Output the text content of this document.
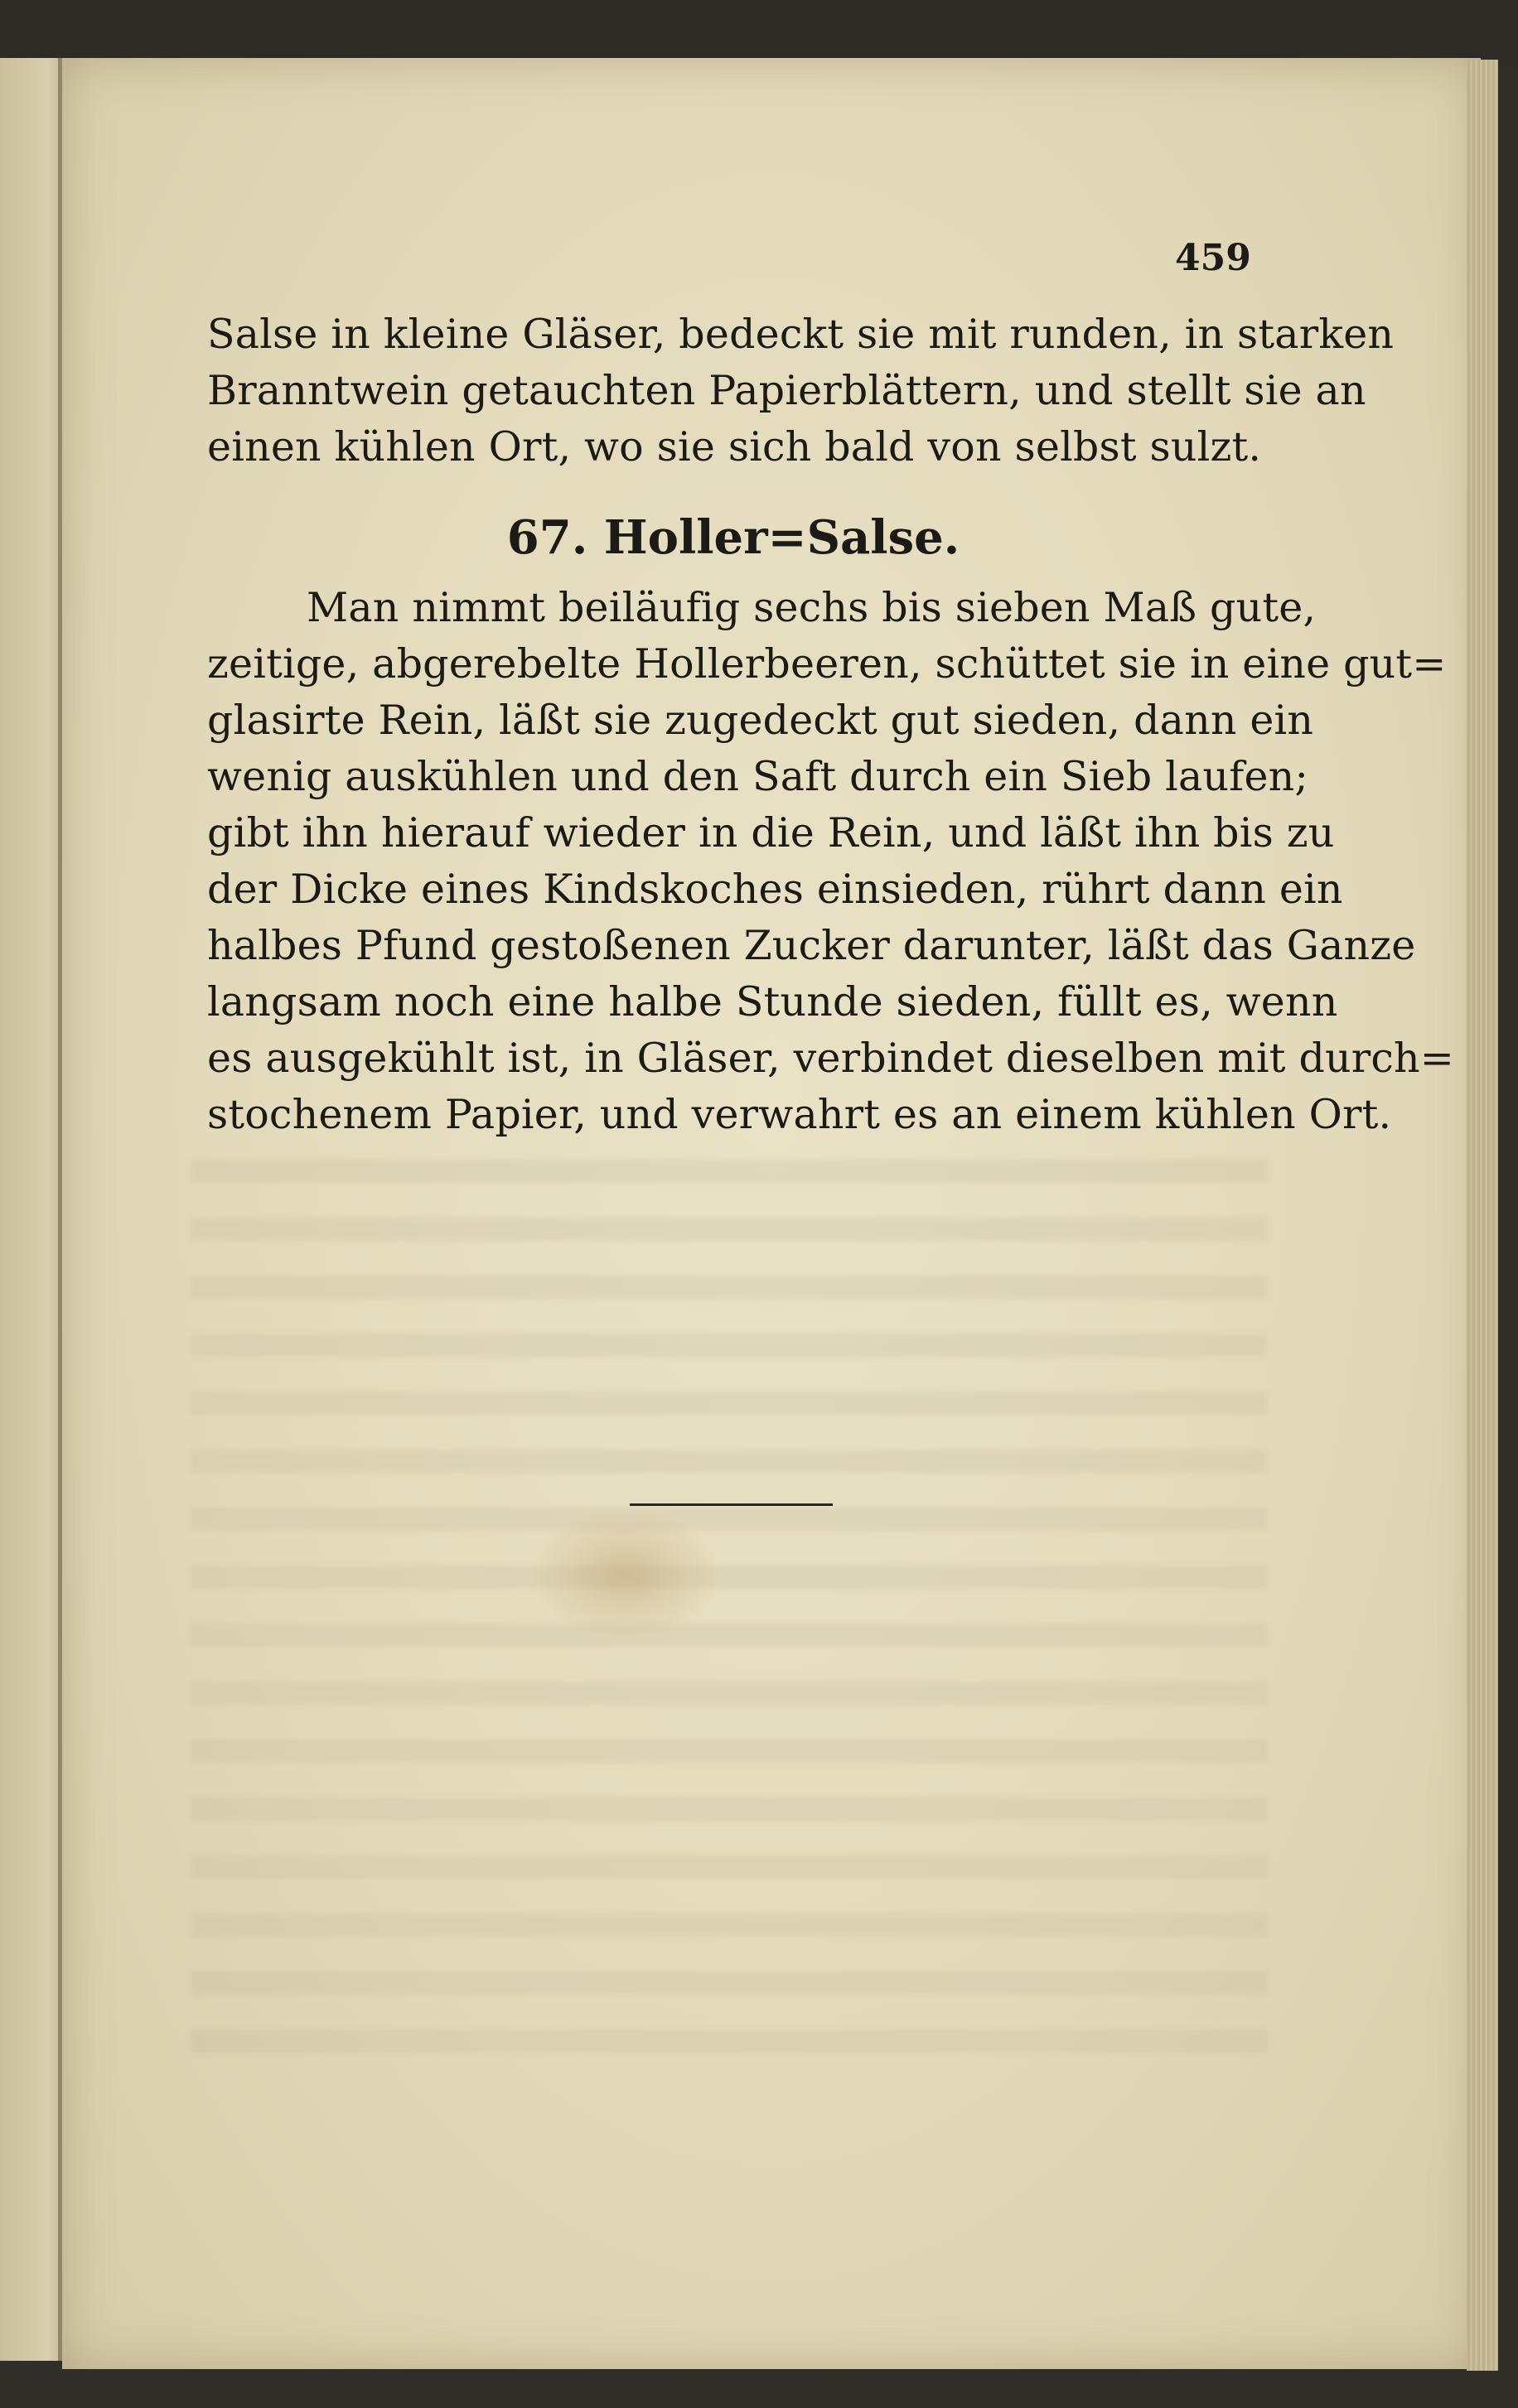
459
Salse in kleine Gläser, bedeckt sie mit runden, in starken
Branntwein getauchten Papierblättern, und stellt sie an
einen kühlen Ort, wo sie sich bald von selbst sulzt.
67. Holler=Salse.
Man nimmt beiläufig sechs bis sieben Maß gute,
zeitige, abgerebelte Hollerbeeren, schüttet sie in eine gut=
glasirte Rein, läßt sie zugedeckt gut sieden, dann ein
wenig auskühlen und den Saft durch ein Sieb laufen;
gibt ihn hierauf wieder in die Rein, und läßt ihn bis zu
der Dicke eines Kindskoches einsieden, rührt dann ein
halbes Pfund gestoßenen Zucker darunter, läßt das Ganze
langsam noch eine halbe Stunde sieden, füllt es, wenn
es ausgekühlt ist, in Gläser, verbindet dieselben mit durch=
stochenem Papier, und verwahrt es an einem kühlen Ort.
